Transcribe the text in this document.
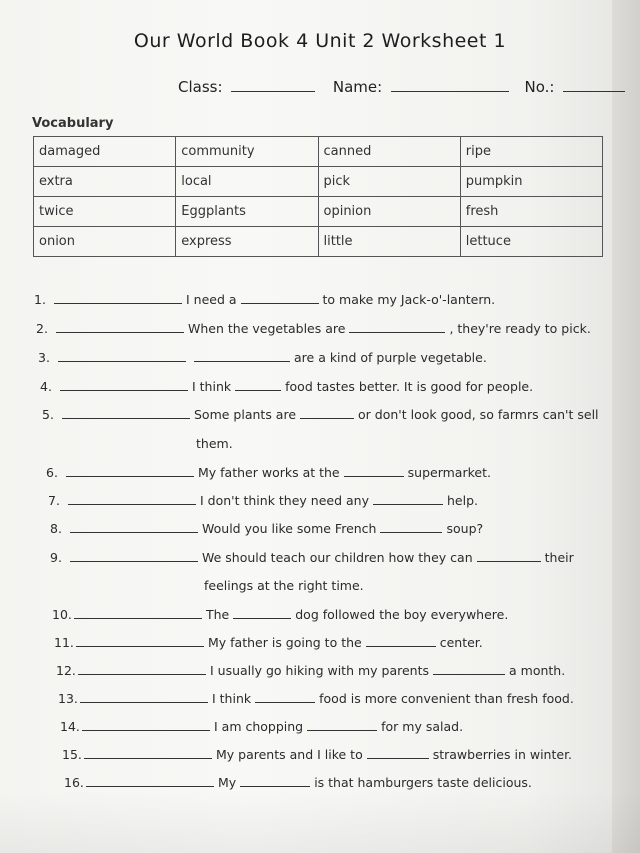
Our World Book 4 Unit 2 Worksheet 1
Class:	Name:	No.:
Vocabulary
damaged	community	canned	ripe
extra	local	pick	pumpkin
twice	Eggplants	opinion	fresh
onion	express	little	lettuce
1.	I need a	to make my Jack-o'-lantern.
2.	When the vegetables are	, they're ready to pick.
3.	are a kind of purple vegetable.
4.	I think	food tastes better. It is good for people.
5.	Some plants are	or don't look good, so farmrs can't sell
them.
6.	My father works at the	supermarket.
7.	I don't think they need any	help.
8.	Would you like some French	soup?
9.	We should teach our children how they can	their
feelings at the right time.
10.	The	dog followed the boy everywhere.
11.	My father is going to the	center.
12.	I usually go hiking with my parents	a month.
13.	I think	food is more convenient than fresh food.
14.	I am chopping	for my salad.
15.	My parents and I like to	strawberries in winter.
16.	My	is that hamburgers taste delicious.
